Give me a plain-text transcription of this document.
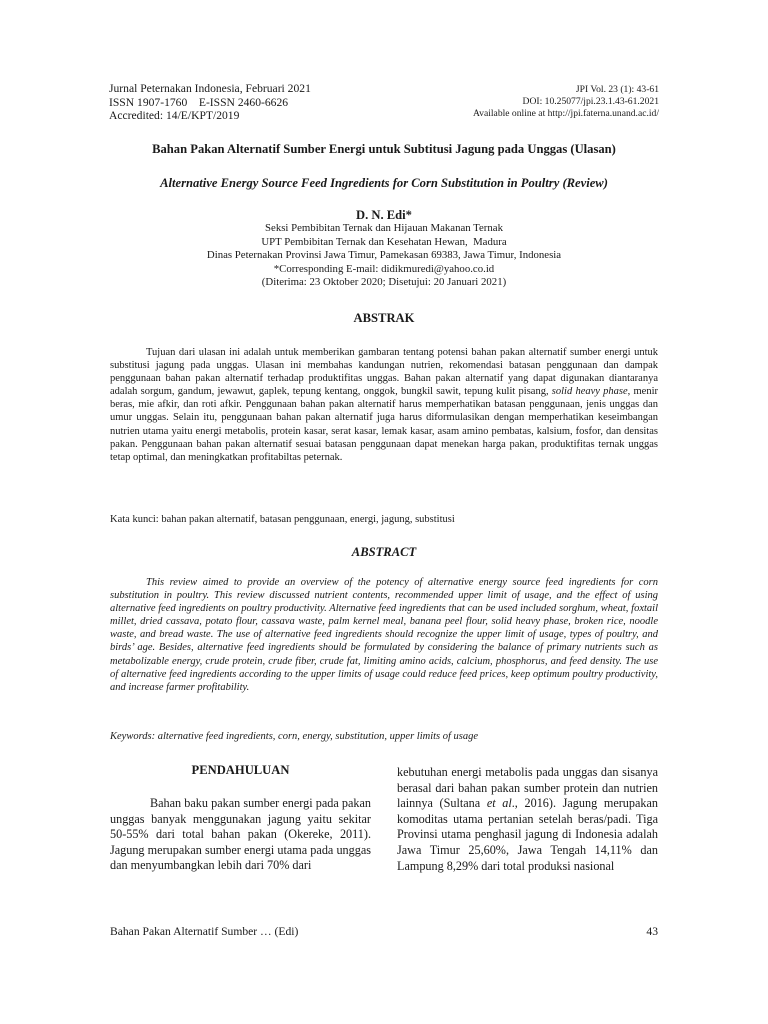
Jurnal Peternakan Indonesia, Februari 2021
ISSN 1907-1760    E-ISSN 2460-6626
Accredited: 14/E/KPT/2019
JPI Vol. 23 (1): 43-61
DOI: 10.25077/jpi.23.1.43-61.2021
Available online at http://jpi.faterna.unand.ac.id/
Bahan Pakan Alternatif Sumber Energi untuk Subtitusi Jagung pada Unggas (Ulasan)
Alternative Energy Source Feed Ingredients for Corn Substitution in Poultry (Review)
D. N. Edi*
Seksi Pembibitan Ternak dan Hijauan Makanan Ternak
UPT Pembibitan Ternak dan Kesehatan Hewan,  Madura
Dinas Peternakan Provinsi Jawa Timur, Pamekasan 69383, Jawa Timur, Indonesia
*Corresponding E-mail: didikmuredi@yahoo.co.id
(Diterima: 23 Oktober 2020; Disetujui: 20 Januari 2021)
ABSTRAK

Tujuan dari ulasan ini adalah untuk memberikan gambaran tentang potensi bahan pakan alternatif sumber energi untuk substitusi jagung pada unggas. Ulasan ini membahas kandungan nutrien, rekomendasi batasan penggunaan dan dampak penggunaan bahan pakan alternatif terhadap produktifitas unggas. Bahan pakan alternatif yang dapat digunakan diantaranya adalah sorgum, gandum, jewawut, gaplek, tepung kentang, onggok, bungkil sawit, tepung kulit pisang, solid heavy phase, menir beras, mie afkir, dan roti afkir. Penggunaan bahan pakan alternatif harus memperhatikan batasan penggunaan, jenis unggas dan umur unggas. Selain itu, penggunaan bahan pakan alternatif juga harus diformulasikan dengan memperhatikan keseimbangan nutrien utama yaitu energi metabolis, protein kasar, serat kasar, lemak kasar, asam amino pembatas, kalsium, fosfor, dan densitas pakan. Penggunaan bahan pakan alternatif sesuai batasan penggunaan dapat menekan harga pakan, produktifitas ternak unggas tetap optimal, dan meningkatkan profitabiltas peternak.

Kata kunci: bahan pakan alternatif, batasan penggunaan, energi, jagung, substitusi
ABSTRACT

This review aimed to provide an overview of the potency of alternative energy source feed ingredients for corn substitution in poultry. This review discussed nutrient contents, recommended upper limit of usage, and the effect of using alternative feed ingredients on poultry productivity. Alternative feed ingredients that can be used included sorghum, wheat, foxtail millet, dried cassava, potato flour, cassava waste, palm kernel meal, banana peel flour, solid heavy phase, broken rice, noodle waste, and bread waste. The use of alternative feed ingredients should recognize the upper limit of usage, types of poultry, and birds’ age. Besides, alternative feed ingredients should be formulated by considering the balance of primary nutrients such as metabolizable energy, crude protein, crude fiber, crude fat, limiting amino acids, calcium, phosphorus, and feed density. The use of alternative feed ingredients according to the upper limits of usage could reduce feed prices, keep optimum poultry productivity, and increase farmer profitability.

Keywords: alternative feed ingredients, corn, energy, substitution, upper limits of usage
PENDAHULUAN

Bahan baku pakan sumber energi pada pakan unggas banyak menggunakan jagung yaitu sekitar 50-55% dari total bahan pakan (Okereke, 2011). Jagung merupakan sumber energi utama pada unggas dan menyumbangkan lebih dari 70% dari

kebutuhan energi metabolis pada unggas dan sisanya berasal dari bahan pakan sumber protein dan nutrien lainnya (Sultana et al., 2016). Jagung merupakan komoditas utama pertanian setelah beras/padi. Tiga Provinsi utama penghasil jagung di Indonesia adalah Jawa Timur 25,60%, Jawa Tengah 14,11% dan Lampung 8,29% dari total produksi nasional

Bahan Pakan Alternatif Sumber … (Edi)	43
